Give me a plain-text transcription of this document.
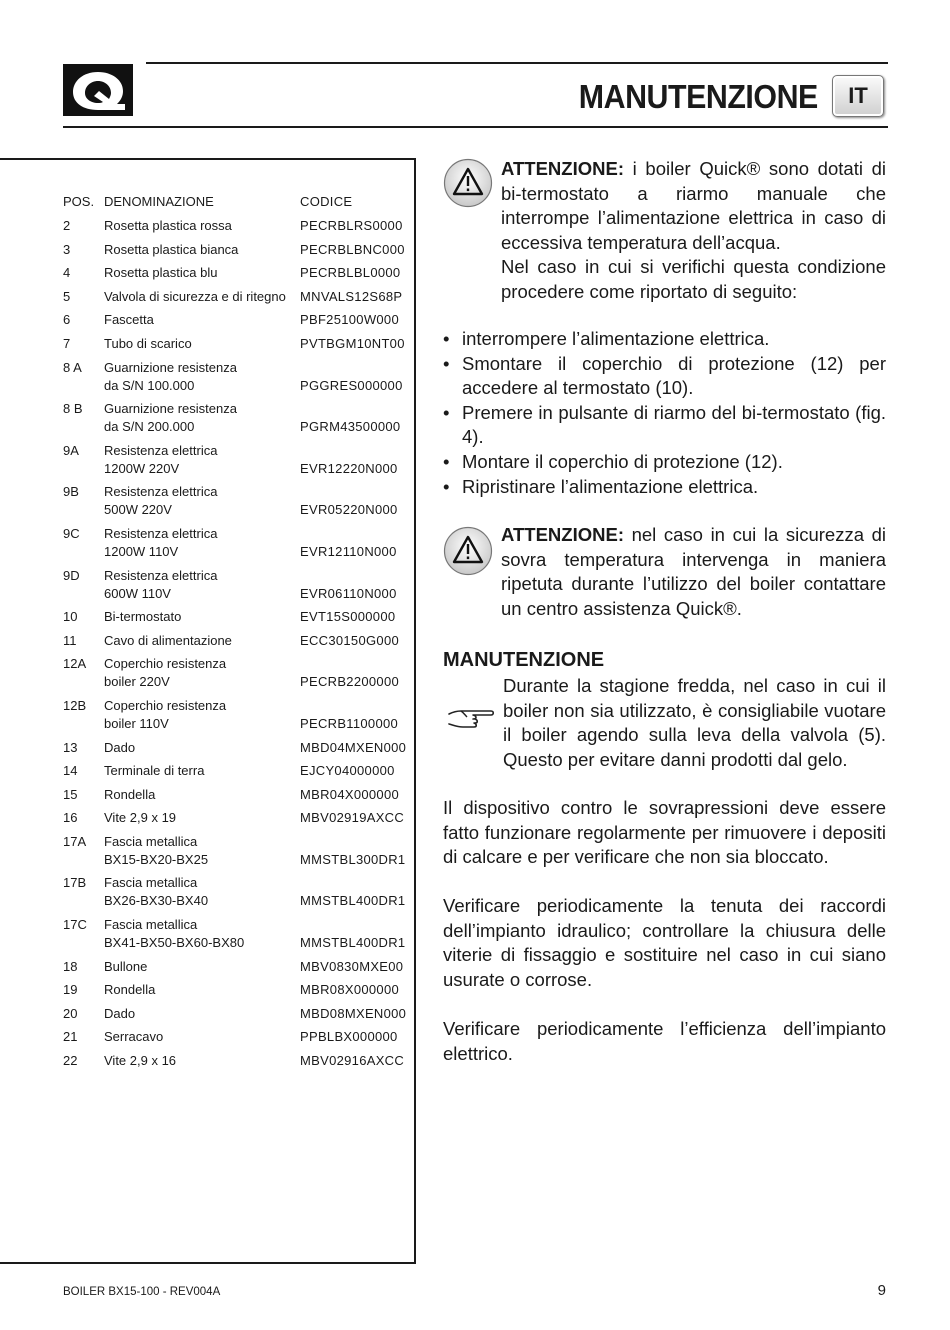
MANUTENZIONE	IT
POS. DENOMINAZIONE	CODICE
2	Rosetta plastica rossa	PECRBLRS0000
3	Rosetta plastica bianca	PECRBLBNC000
4	Rosetta plastica blu	PECRBLBL0000
5	Valvola di sicurezza e di ritegno	MNVALS12S68P
6	Fascetta	PBF25100W000
7	Tubo di scarico	PVTBGM10NT00
8 A Guarnizione resistenza
da S/N 100.000	PGGRES000000
8 B Guarnizione resistenza
da S/N 200.000	PGRM43500000
9A Resistenza elettrica
1200W 220V	EVR12220N000
9B Resistenza elettrica
500W 220V	EVR05220N000
9C Resistenza elettrica
1200W 110V	EVR12110N000
9D Resistenza elettrica
600W 110V	EVR06110N000
10 Bi-termostato	EVT15S000000
11 Cavo di alimentazione	ECC30150G000
12A Coperchio resistenza
boiler 220V	PECRB2200000
12B Coperchio resistenza
boiler 110V	PECRB1100000
13 Dado	MBD04MXEN000
14 Terminale di terra	EJCY04000000
15 Rondella	MBR04X000000
16 Vite 2,9 x 19	MBV02919AXCC
17A Fascia metallica
BX15-BX20-BX25	MMSTBL300DR1
17B Fascia metallica
BX26-BX30-BX40	MMSTBL400DR1
17C Fascia metallica
BX41-BX50-BX60-BX80	MMSTBL400DR1
18 Bullone	MBV0830MXE00
19 Rondella	MBR08X000000
20 Dado	MBD08MXEN000
21 Serracavo	PPBLBX000000
22 Vite 2,9 x 16	MBV02916AXCC
ATTENZIONE: i boiler Quick® sono dotati di bi-termostato a riarmo manuale che interrompe l’alimentazione elettrica in caso di eccessiva temperatura dell’acqua.
Nel caso in cui si verifichi questa condizione procedere come riportato di seguito:
• interrompere l’alimentazione elettrica.
• Smontare il coperchio di protezione (12) per accedere al termostato (10).
• Premere in pulsante di riarmo del bi-termostato (fig. 4).
• Montare il coperchio di protezione (12).
• Ripristinare l’alimentazione elettrica.
ATTENZIONE: nel caso in cui la sicurezza di sovra temperatura intervenga in maniera ripetuta durante l’utilizzo del boiler contattare un centro assistenza Quick®.
MANUTENZIONE
Durante la stagione fredda, nel caso in cui il boiler non sia utilizzato, è consigliabile vuotare il boiler agendo sulla leva della valvola (5). Questo per evitare danni prodotti dal gelo.
Il dispositivo contro le sovrapressioni deve essere fatto funzionare regolarmente per rimuovere i depositi di calcare e per verificare che non sia bloccato.
Verificare periodicamente la tenuta dei raccordi dell’impianto idraulico; controllare la chiusura delle viterie di fissaggio e sostituire nel caso in cui siano usurate o corrose.
Verificare periodicamente l’efficienza dell’impianto elettrico.
BOILER BX15-100 - REV004A	9
